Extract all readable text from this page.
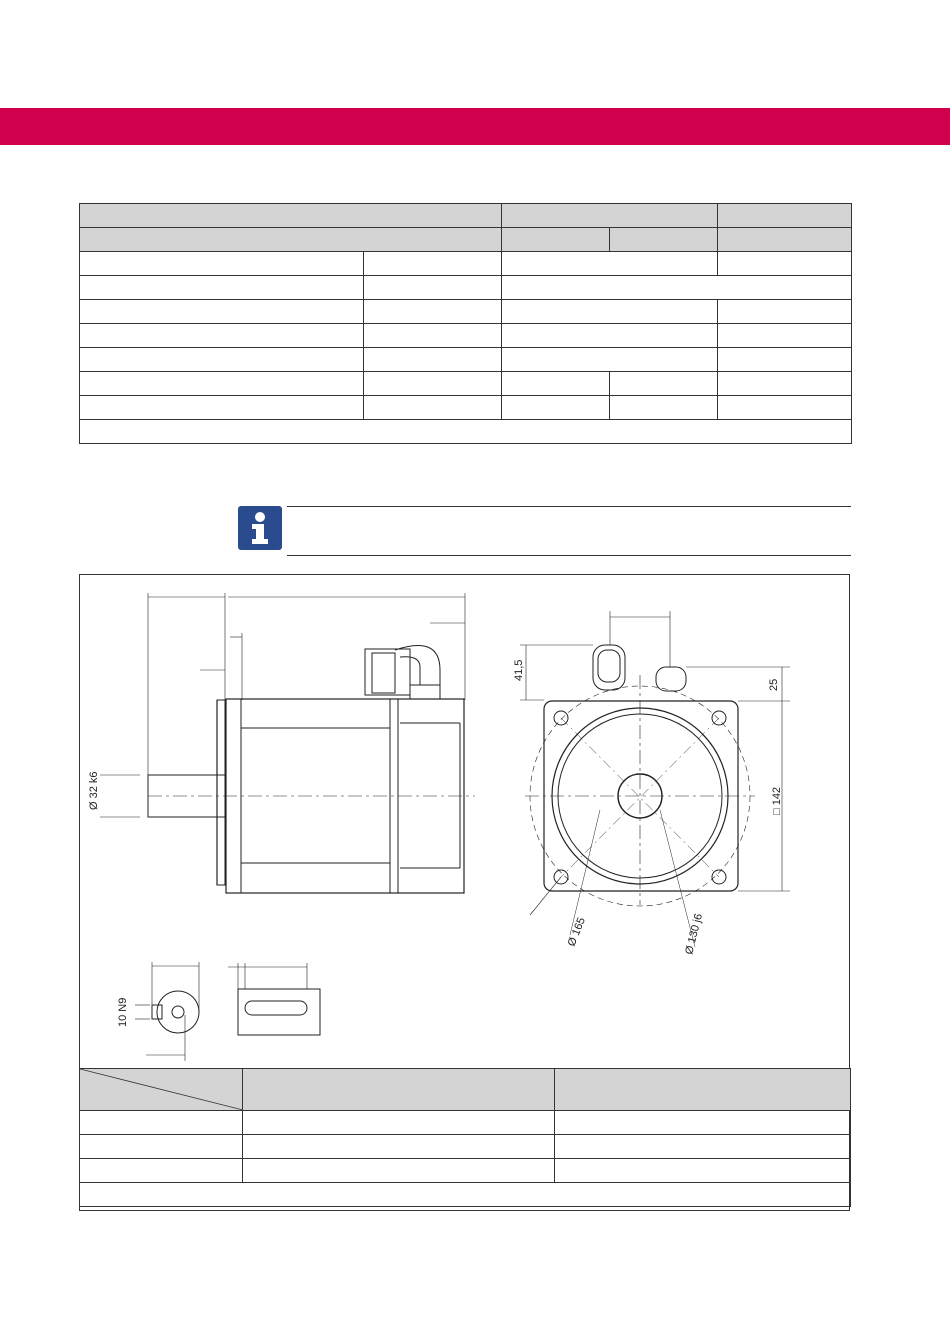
Ø 32 k6
41,5
25
□ 142
Ø 165	Ø 130 j6
10 N9
